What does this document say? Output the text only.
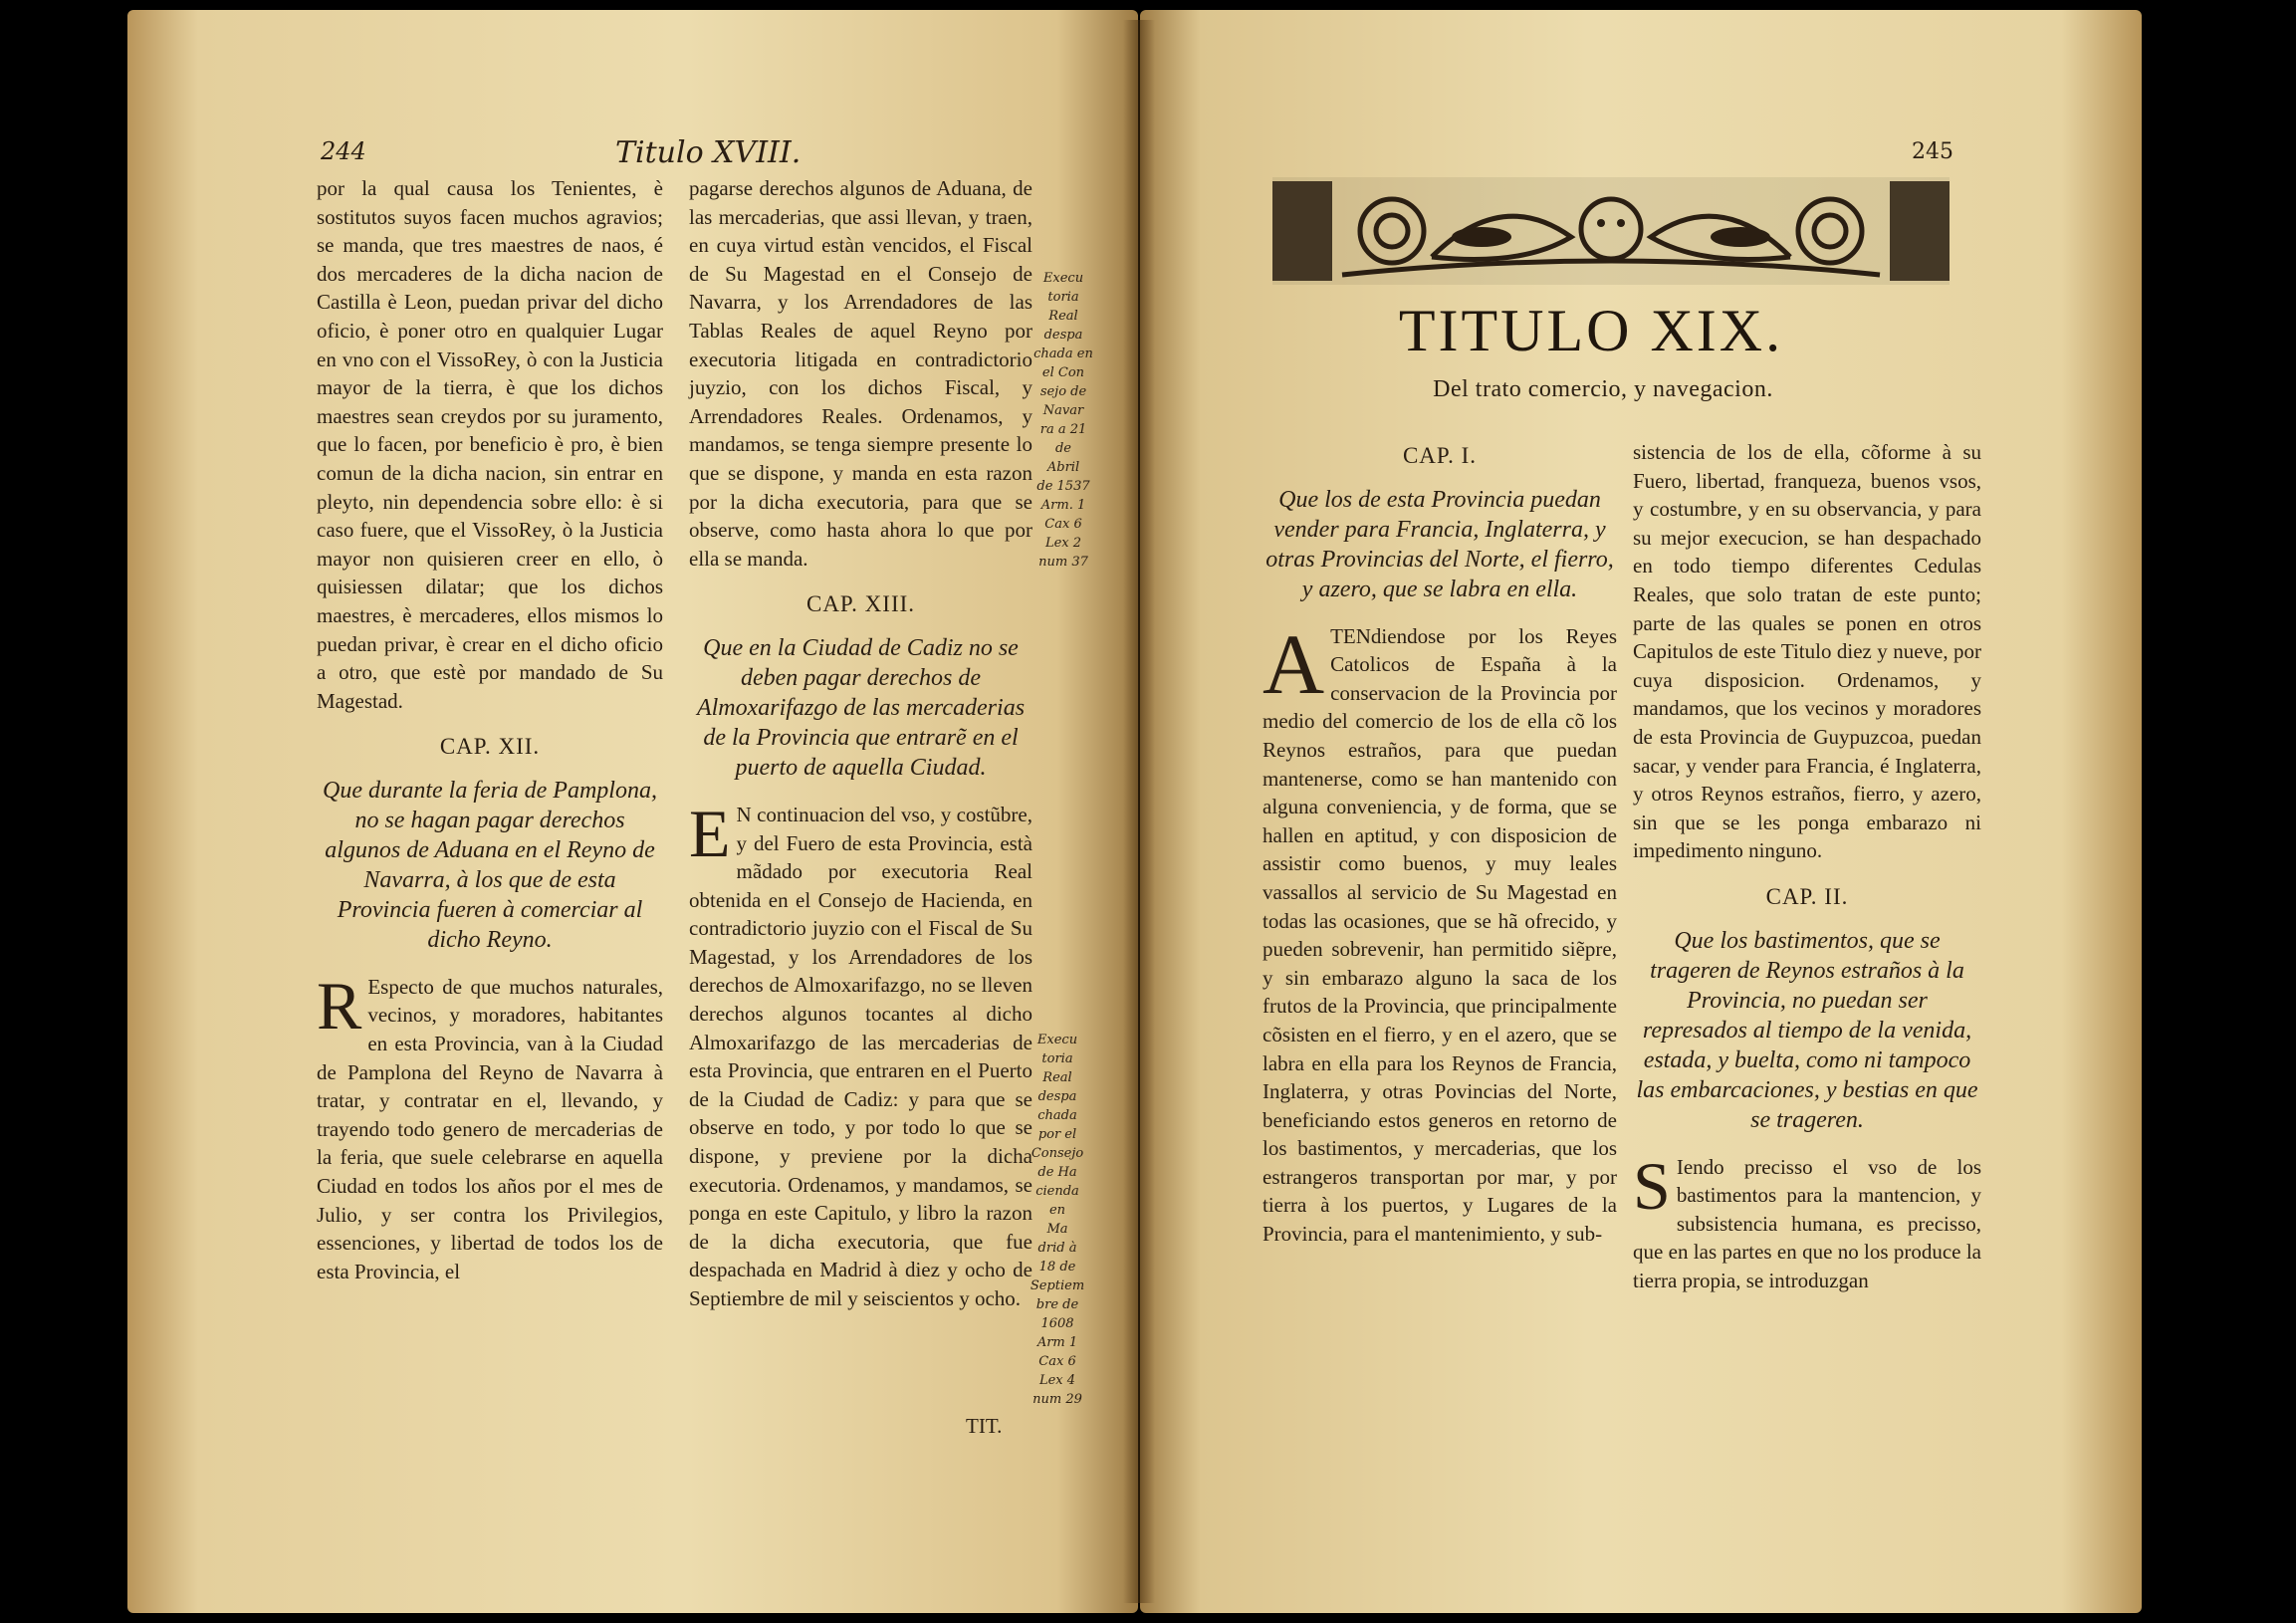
244	Titulo XVIII.

por la qual causa los Tenientes, è sostitutos suyos facen muchos agravios; se manda, que tres maestres de naos, é dos mercaderes de la dicha nacion de Castilla è Leon, puedan privar del dicho oficio, è poner otro en qualquier Lugar en vno con el VissoRey, ò con la Justicia mayor de la tierra, è que los dichos maestres sean creydos por su juramento, que lo facen, por beneficio è pro, è bien comun de la dicha nacion, sin entrar en pleyto, nin dependencia sobre ello: è si caso fuere, que el VissoRey, ò la Justicia mayor non quisieren creer en ello, ò quisiessen dilatar; que los dichos maestres, è mercaderes, ellos mismos lo puedan privar, è crear en el dicho oficio a otro, que estè por mandado de Su Magestad.

CAP. XII.
Que durante la feria de Pamplona, no se hagan pagar derechos algunos de Aduana en el Reyno de Navarra, à los que de esta Provincia fueren à comerciar al dicho Reyno.
R Especto de que muchos naturales, vecinos, y moradores, habitantes en esta Provincia, van à la Ciudad de Pamplona del Reyno de Navarra à tratar, y contratar en el, llevando, y trayendo todo genero de mercaderias de la feria, que suele celebrarse en aquella Ciudad en todos los años por el mes de Julio, y ser contra los Privilegios, essenciones, y libertad de todos los de esta Provincia, el

pagarse derechos algunos de Aduana, de las mercaderias, que assi llevan, y traen, en cuya virtud estàn vencidos, el Fiscal de Su Magestad en el Consejo de Navarra, y los Arrendadores de las Tablas Reales de aquel Reyno por executoria litigada en contradictorio juyzio, con los dichos Fiscal, y Arrendadores Reales. Ordenamos, y mandamos, se tenga siempre presente lo que se dispone, y manda en esta razon por la dicha executoria, para que se observe, como hasta ahora lo que por ella se manda.

CAP. XIII.
Que en la Ciudad de Cadiz no se deben pagar derechos de Almoxarifazgo de las mercaderias de la Provincia que entrarẽ en el puerto de aquella Ciudad.
E N continuacion del vso, y costũbre, y del Fuero de esta Provincia, està mãdado por executoria Real obtenida en el Consejo de Hacienda, en contradictorio juyzio con el Fiscal de Su Magestad, y los Arrendadores de los derechos de Almoxarifazgo, no se lleven derechos algunos tocantes al dicho Almoxarifazgo de las mercaderias de esta Provincia, que entraren en el Puerto de la Ciudad de Cadiz: y para que se observe en todo, y por todo lo que se dispone, y previene por la dicha executoria. Ordenamos, y mandamos, se ponga en este Capitulo, y libro la razon de la dicha executoria, que fue despachada en Madrid à diez y ocho de Septiembre de mil y seiscientos y ocho.

Execu
toria
Real
despa
chada en
el Con
sejo de
Navar
ra a 21
de
Abril
de 1537
Arm. 1
Cax 6
Lex 2
num 37
Execu
toria
Real
despa
chada
por el
Consejo
de Ha
cienda en
Ma
drid à
18 de
Septiem
bre de
1608
Arm 1
Cax 6
Lex 4
num 29
TIT.
245
TITULO XIX.
Del trato comercio, y navegacion.
CAP. I.
Que los de esta Provincia puedan vender para Francia, Inglaterra, y otras Provincias del Norte, el fierro, y azero, que se labra en ella.
A TENdiendose por los Reyes Catolicos de España à la conservacion de la Provincia por medio del comercio de los de ella cõ los Reynos estraños, para que puedan mantenerse, como se han mantenido con alguna conveniencia, y de forma, que se hallen en aptitud, y con disposicion de assistir como buenos, y muy leales vassallos al servicio de Su Magestad en todas las ocasiones, que se hã ofrecido, y pueden sobrevenir, han permitido siẽpre, y sin embarazo alguno la saca de los frutos de la Provincia, que principalmente cõsisten en el fierro, y en el azero, que se labra en ella para los Reynos de Francia, Inglaterra, y otras Povincias del Norte, beneficiando estos generos en retorno de los bastimentos, y mercaderias, que los estrangeros transportan por mar, y por tierra à los puertos, y Lugares de la Provincia, para el mantenimiento, y sub-

sistencia de los de ella, cõforme à su Fuero, libertad, franqueza, buenos vsos, y costumbre, y en su observancia, y para su mejor execucion, se han despachado en todo tiempo diferentes Cedulas Reales, que solo tratan de este punto; parte de las quales se ponen en otros Capitulos de este Titulo diez y nueve, por cuya disposicion. Ordenamos, y mandamos, que los vecinos y moradores de esta Provincia de Guypuzcoa, puedan sacar, y vender para Francia, é Inglaterra, y otros Reynos estraños, fierro, y azero, sin que se les ponga embarazo ni impedimento ninguno.

CAP. II.
Que los bastimentos, que se trageren de Reynos estraños à la Provincia, no puedan ser represados al tiempo de la venida, estada, y buelta, como ni tampoco las embarcaciones, y bestias en que se trageren.
S Iendo precisso el vso de los bastimentos para la mantencion, y subsistencia humana, es precisso, que en las partes en que no los produce la tierra propia, se introduzgan
